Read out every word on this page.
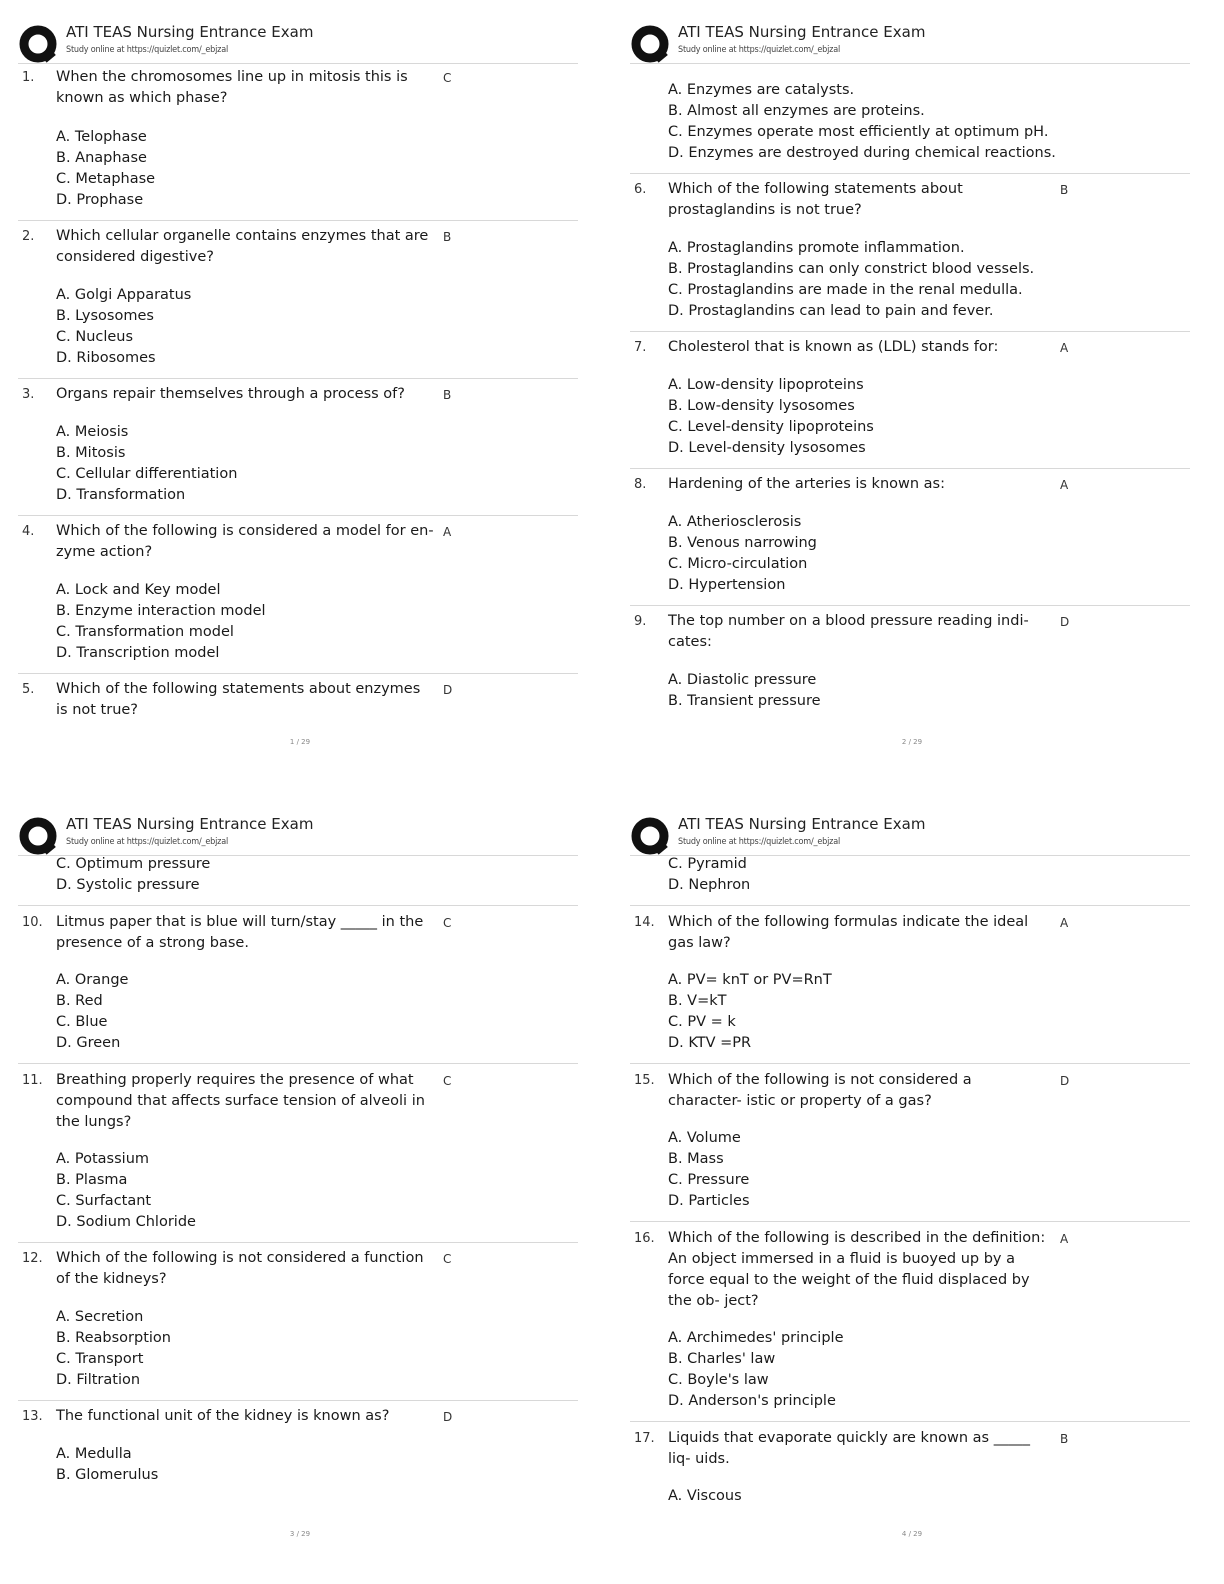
ATI TEAS Nursing Entrance Exam
Study online at https://quizlet.com/_ebjzal
1. When the chromosomes line up in mitosis this is known as which phase?
C
A. Telophase
B. Anaphase
C. Metaphase
D. Prophase
2. Which cellular organelle contains enzymes that are considered digestive?
B
A. Golgi Apparatus
B. Lysosomes
C. Nucleus
D. Ribosomes
3. Organs repair themselves through a process of?	B
A. Meiosis
B. Mitosis
C. Cellular differentiation
D. Transformation
4. Which of the following is considered a model for en- zyme action?
A
A. Lock and Key model
B. Enzyme interaction model
C. Transformation model
D. Transcription model
5. Which of the following statements about enzymes is not true?
D
1 / 29
ATI TEAS Nursing Entrance Exam
Study online at https://quizlet.com/_ebjzal
A. Enzymes are catalysts.
B. Almost all enzymes are proteins.
C. Enzymes operate most efficiently at optimum pH.
D. Enzymes are destroyed during chemical reactions.
6. Which of the following statements about prostaglandins is not true?
B
A. Prostaglandins promote inflammation.
B. Prostaglandins can only constrict blood vessels.
C. Prostaglandins are made in the renal medulla.
D. Prostaglandins can lead to pain and fever.
7. Cholesterol that is known as (LDL) stands for:	A
A. Low-density lipoproteins
B. Low-density lysosomes
C. Level-density lipoproteins
D. Level-density lysosomes
8. Hardening of the arteries is known as:	A
A. Atheriosclerosis
B. Venous narrowing
C. Micro-circulation
D. Hypertension
9. The top number on a blood pressure reading indi- cates:
D
A. Diastolic pressure
B. Transient pressure
2 / 29
ATI TEAS Nursing Entrance Exam
Study online at https://quizlet.com/_ebjzal
C. Optimum pressure
D. Systolic pressure
10. Litmus paper that is blue will turn/stay _____ in the presence of a strong base.
C
A. Orange
B. Red
C. Blue
D. Green
11. Breathing properly requires the presence of what compound that affects surface tension of alveoli in the lungs?
C
A. Potassium
B. Plasma
C. Surfactant
D. Sodium Chloride
12. Which of the following is not considered a function of the kidneys?
C
A. Secretion
B. Reabsorption
C. Transport
D. Filtration
13. The functional unit of the kidney is known as?	D
A. Medulla
B. Glomerulus
3 / 29
ATI TEAS Nursing Entrance Exam
Study online at https://quizlet.com/_ebjzal
C. Pyramid
D. Nephron
14. Which of the following formulas indicate the ideal gas law?
A
A. PV= knT or PV=RnT
B. V=kT
C. PV = k
D. KTV =PR
15. Which of the following is not considered a character- istic or property of a gas?
D
A. Volume
B. Mass
C. Pressure
D. Particles
16. Which of the following is described in the definition: An object immersed in a fluid is buoyed up by a force equal to the weight of the fluid displaced by the ob- ject?
A
A. Archimedes' principle
B. Charles' law
C. Boyle's law
D. Anderson's principle
17. Liquids that evaporate quickly are known as _____ liq- uids.
B
A. Viscous
4 / 29
